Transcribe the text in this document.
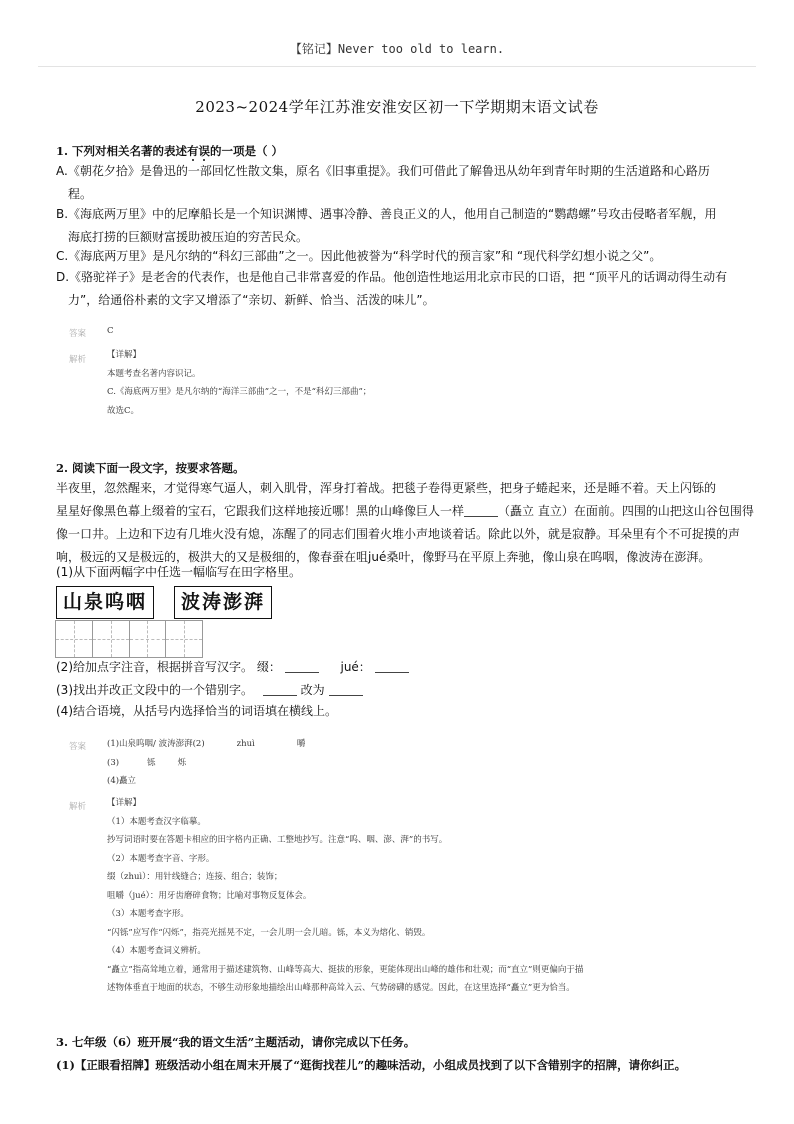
【铭记】Never too old to learn.
2023~2024学年江苏淮安淮安区初一下学期期末语文试卷
1. 下列对相关名著的表述有误的一项是（ ）
A.《朝花夕拾》是鲁迅的一部回忆性散文集，原名《旧事重提》。我们可借此了解鲁迅从幼年到青年时期的生活道路和心路历
程。
B.《海底两万里》中的尼摩船长是一个知识渊博、遇事冷静、善良正义的人，他用自己制造的“鹦鹉螺”号攻击侵略者军舰，用
海底打捞的巨额财富援助被压迫的穷苦民众。
C.《海底两万里》是凡尔纳的“科幻三部曲”之一。因此他被誉为“科学时代的预言家”和 “现代科学幻想小说之父”。
D.《骆驼祥子》是老舍的代表作，也是他自己非常喜爱的作品。他创造性地运用北京市民的口语，把 “顶平凡的话调动得生动有
力”，给通俗朴素的文字又增添了“亲切、新鲜、恰当、活泼的味儿”。
答案 C
解析 【详解】
本题考查名著内容识记。
C.《海底两万里》是凡尔纳的“海洋三部曲”之一，不是“科幻三部曲”；
故选C。
2. 阅读下面一段文字，按要求答题。
半夜里，忽然醒来，才觉得寒气逼人，刺入肌骨，浑身打着战。把毯子卷得更紧些，把身子蜷起来，还是睡不着。天上闪铄的
星星好像黑色幕上缀着的宝石，它跟我们这样地接近哪！黑的山峰像巨人一样	（矗立 直立）在面前。四围的山把这山谷包围得
像一口井。上边和下边有几堆火没有熄，冻醒了的同志们围着火堆小声地谈着话。除此以外，就是寂静。耳朵里有个不可捉摸的声
响，极远的又是极远的，极洪大的又是极细的，像春蚕在咀jué桑叶，像野马在平原上奔驰，像山泉在呜咽，像波涛在澎湃。
(1)从下面两幅字中任选一幅临写在田字格里。
山泉呜咽	波涛澎湃
(2)给加点字注音，根据拼音写汉字。 缀：	jué：
(3)找出并改正文段中的一个错别字。	改为
(4)结合语境，从括号内选择恰当的词语填在横线上。
答案 (1)山泉呜咽/ 波涛澎湃(2)	zhuì	嚼
(3)	铄	烁
(4)矗立
解析 【详解】
（1）本题考查汉字临摹。
抄写词语时要在答题卡相应的田字格内正确、工整地抄写。注意“呜、咽、澎、湃”的书写。
（2）本题考查字音、字形。
缀（zhuì）：用针线缝合；连接、组合；装饰；
咀嚼（jué）：用牙齿磨碎食物；比喻对事物反复体会。
（3）本题考查字形。
“闪铄”应写作“闪烁”，指亮光摇晃不定，一会儿明一会儿暗。铄，本义为熔化、销毁。
（4）本题考查词义辨析。
“矗立”指高耸地立着，通常用于描述建筑物、山峰等高大、挺拔的形象，更能体现出山峰的雄伟和壮观；而“直立”则更偏向于描
述物体垂直于地面的状态，不够生动形象地描绘出山峰那种高耸入云、气势磅礴的感觉。因此，在这里选择“矗立”更为恰当。
3. 七年级（6）班开展“我的语文生活”主题活动，请你完成以下任务。
(1)【正眼看招牌】班级活动小组在周末开展了“逛街找茬儿”的趣味活动，小组成员找到了以下含错别字的招牌，请你纠正。
